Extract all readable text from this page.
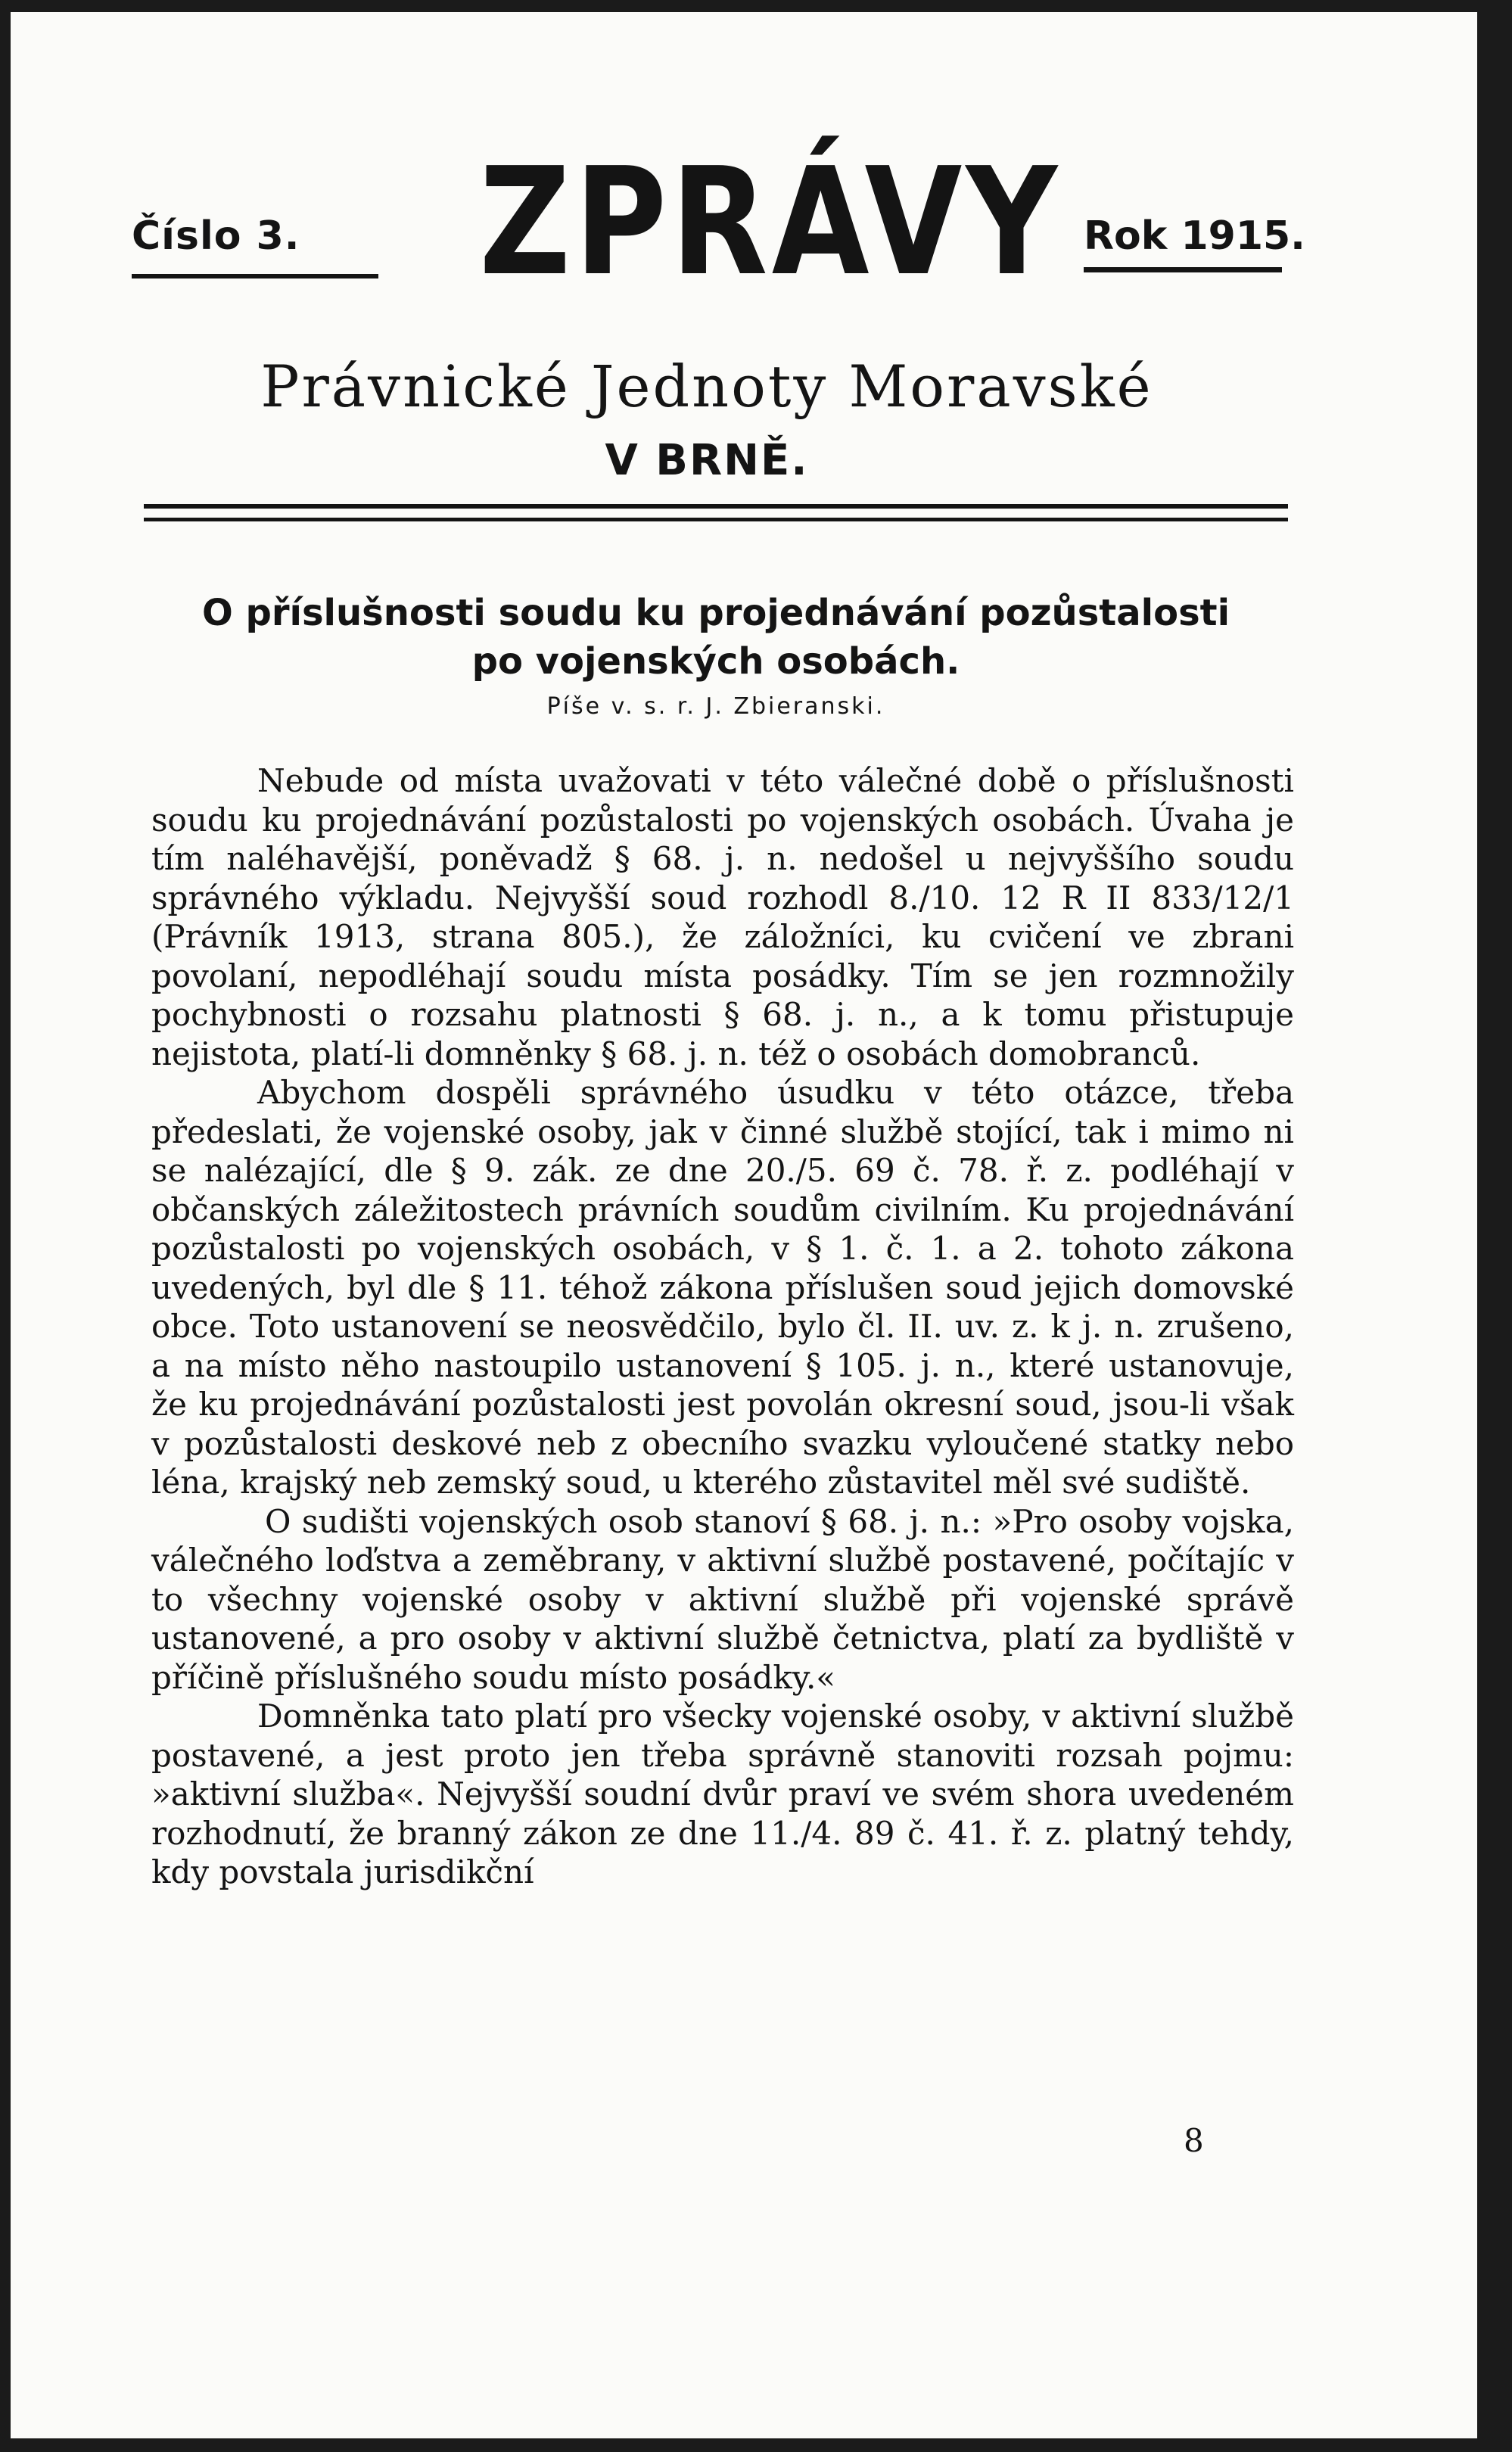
Číslo 3. ZPRÁVY Rok 1915.
Právnické Jednoty Moravské
V BRNĚ.
O příslušnosti soudu ku projednávání pozůstalosti
po vojenských osobách.
Píše v. s. r. J. Zbieranski.

Nebude od místa uvažovati v této válečné době o příslušnosti soudu ku projednávání pozůstalosti po vojenských osobách. Úvaha je tím naléhavější, poněvadž § 68. j. n. nedošel u nejvyššího soudu správného výkladu. Nejvyšší soud rozhodl 8./10. 12 R II 833/12/1 (Právník 1913, strana 805.), že záložníci, ku cvičení ve zbrani povolaní, nepodléhají soudu místa posádky. Tím se jen rozmnožily pochybnosti o rozsahu platnosti § 68. j. n., a k tomu přistupuje nejistota, platí-li domněnky § 68. j. n. též o osobách domobranců.

Abychom dospěli správného úsudku v této otázce, třeba předeslati, že vojenské osoby, jak v činné službě stojící, tak i mimo ni se nalézající, dle § 9. zák. ze dne 20./5. 69 č. 78. ř. z. podléhají v občanských záležitostech právních soudům civilním. Ku projednávání pozůstalosti po vojenských osobách, v § 1. č. 1. a 2. tohoto zákona uvedených, byl dle § 11. téhož zákona příslušen soud jejich domovské obce. Toto ustanovení se neosvědčilo, bylo čl. II. uv. z. k j. n. zrušeno, a na místo něho nastoupilo ustanovení § 105. j. n., které ustanovuje, že ku projednávání pozůstalosti jest povolán okresní soud, jsou-li však v pozůstalosti deskové neb z obecního svazku vyloučené statky nebo léna, krajský neb zemský soud, u kterého zůstavitel měl své sudiště.

O sudišti vojenských osob stanoví § 68. j. n.: »Pro osoby vojska, válečného loďstva a zeměbrany, v aktivní službě postavené, počítajíc v to všechny vojenské osoby v aktivní službě při vojenské správě ustanovené, a pro osoby v aktivní službě četnictva, platí za bydliště v příčině příslušného soudu místo posádky.«

Domněnka tato platí pro všecky vojenské osoby, v aktivní službě postavené, a jest proto jen třeba správně stanoviti rozsah pojmu: »aktivní služba«. Nejvyšší soudní dvůr praví ve svém shora uvedeném rozhodnutí, že branný zákon ze dne 11./4. 89 č. 41. ř. z. platný tehdy, kdy povstala jurisdikční

8
